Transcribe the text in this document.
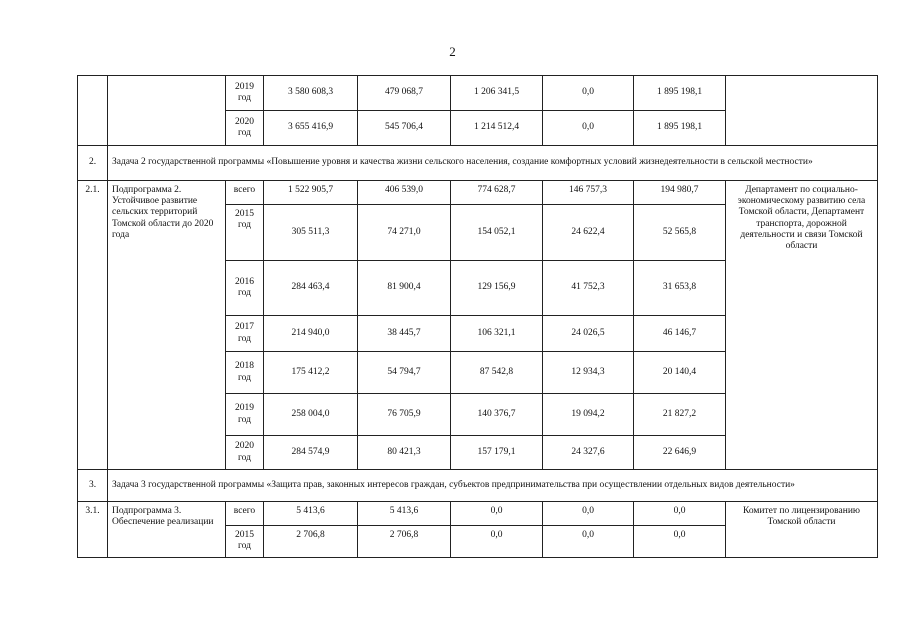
2
		2019
год	3 580 608,3	479 068,7	1 206 341,5	0,0	1 895 198,1	
		2020
год	3 655 416,9	545 706,4	1 214 512,4	0,0	1 895 198,1	
2.	Задача 2 государственной программы «Повышение уровня и качества жизни сельского населения, создание комфортных условий жизнедеятельности в сельской местности»							
2.1.	Подпрограмма 2. Устойчивое развитие сельских территорий Томской области до 2020 года	всего	1 522 905,7	406 539,0	774 628,7	146 757,3	194 980,7	Департамент по социально-экономическому развитию села Томской области, Департамент транспорта, дорожной деятельности и связи Томской области
		2015
год	305 511,3	74 271,0	154 052,1	24 622,4	52 565,8	
		2016
год	284 463,4	81 900,4	129 156,9	41 752,3	31 653,8	
		2017
год	214 940,0	38 445,7	106 321,1	24 026,5	46 146,7	
		2018
год	175 412,2	54 794,7	87 542,8	12 934,3	20 140,4	
		2019
год	258 004,0	76 705,9	140 376,7	19 094,2	21 827,2	
		2020
год	284 574,9	80 421,3	157 179,1	24 327,6	22 646,9	
3.	Задача 3 государственной программы «Защита прав, законных интересов граждан, субъектов предпринимательства при осуществлении отдельных видов деятельности»							
3.1.	Подпрограмма 3. Обеспечение реализации	всего	5 413,6	5 413,6	0,0	0,0	0,0	Комитет по лицензированию Томской области
		2015
год	2 706,8	2 706,8	0,0	0,0	0,0	
